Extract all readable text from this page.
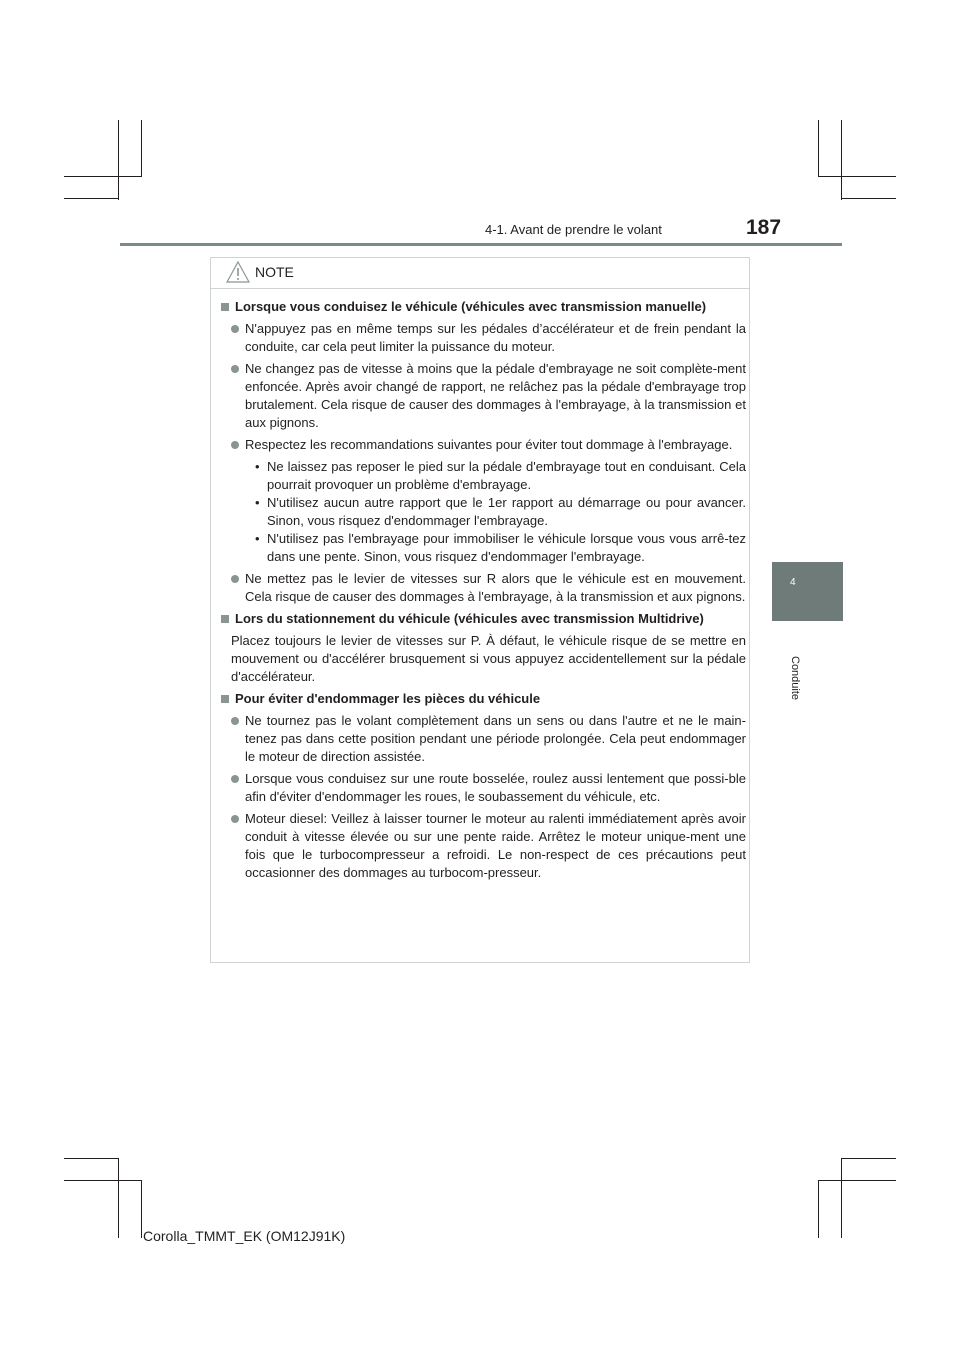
4-1. Avant de prendre le volant	187
4
Conduite
NOTE
Lorsque vous conduisez le véhicule (véhicules avec transmission manuelle)
N'appuyez pas en même temps sur les pédales d’accélérateur et de frein pendant la conduite, car cela peut limiter la puissance du moteur.
Ne changez pas de vitesse à moins que la pédale d'embrayage ne soit complète-ment enfoncée. Après avoir changé de rapport, ne relâchez pas la pédale d'embrayage trop brutalement. Cela risque de causer des dommages à l'embrayage, à la transmission et aux pignons.
Respectez les recommandations suivantes pour éviter tout dommage à l'embrayage.
• Ne laissez pas reposer le pied sur la pédale d'embrayage tout en conduisant. Cela pourrait provoquer un problème d'embrayage.
• N'utilisez aucun autre rapport que le 1er rapport au démarrage ou pour avancer. Sinon, vous risquez d'endommager l'embrayage.
• N'utilisez pas l'embrayage pour immobiliser le véhicule lorsque vous vous arrê-tez dans une pente. Sinon, vous risquez d'endommager l'embrayage.
Ne mettez pas le levier de vitesses sur R alors que le véhicule est en mouvement. Cela risque de causer des dommages à l'embrayage, à la transmission et aux pignons.
Lors du stationnement du véhicule (véhicules avec transmission Multidrive)
Placez toujours le levier de vitesses sur P. À défaut, le véhicule risque de se mettre en mouvement ou d'accélérer brusquement si vous appuyez accidentellement sur la pédale d'accélérateur.
Pour éviter d'endommager les pièces du véhicule
Ne tournez pas le volant complètement dans un sens ou dans l'autre et ne le main-tenez pas dans cette position pendant une période prolongée. Cela peut endommager le moteur de direction assistée.
Lorsque vous conduisez sur une route bosselée, roulez aussi lentement que possi-ble afin d'éviter d'endommager les roues, le soubassement du véhicule, etc.
Moteur diesel: Veillez à laisser tourner le moteur au ralenti immédiatement après avoir conduit à vitesse élevée ou sur une pente raide. Arrêtez le moteur unique-ment une fois que le turbocompresseur a refroidi. Le non-respect de ces précautions peut occasionner des dommages au turbocom-presseur.
Corolla_TMMT_EK (OM12J91K)
